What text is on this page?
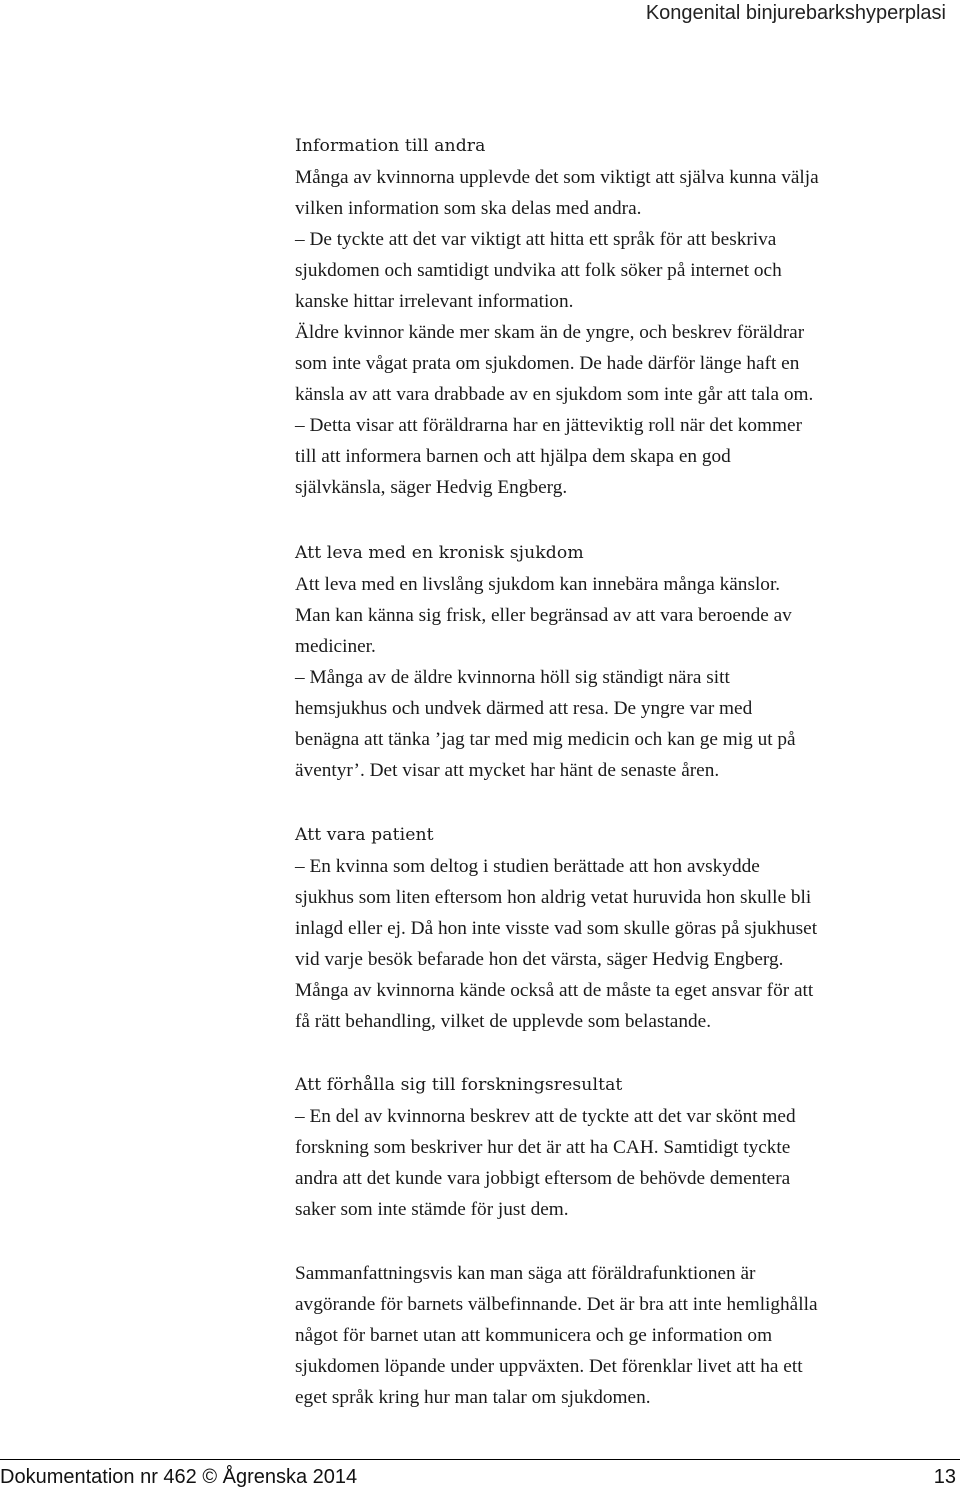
Kongenital binjurebarkshyperplasi
Information till andra
Många av kvinnorna upplevde det som viktigt att själva kunna välja
vilken information som ska delas med andra.
– De tyckte att det var viktigt att hitta ett språk för att beskriva
sjukdomen och samtidigt undvika att folk söker på internet och
kanske hittar irrelevant information.
Äldre kvinnor kände mer skam än de yngre, och beskrev föräldrar
som inte vågat prata om sjukdomen. De hade därför länge haft en
känsla av att vara drabbade av en sjukdom som inte går att tala om.
– Detta visar att föräldrarna har en jätteviktig roll när det kommer
till att informera barnen och att hjälpa dem skapa en god
självkänsla, säger Hedvig Engberg.
Att leva med en kronisk sjukdom
Att leva med en livslång sjukdom kan innebära många känslor.
Man kan känna sig frisk, eller begränsad av att vara beroende av
mediciner.
– Många av de äldre kvinnorna höll sig ständigt nära sitt
hemsjukhus och undvek därmed att resa. De yngre var med
benägna att tänka ’jag tar med mig medicin och kan ge mig ut på
äventyr’. Det visar att mycket har hänt de senaste åren.
Att vara patient
– En kvinna som deltog i studien berättade att hon avskydde
sjukhus som liten eftersom hon aldrig vetat huruvida hon skulle bli
inlagd eller ej. Då hon inte visste vad som skulle göras på sjukhuset
vid varje besök befarade hon det värsta, säger Hedvig Engberg.
Många av kvinnorna kände också att de måste ta eget ansvar för att
få rätt behandling, vilket de upplevde som belastande.
Att förhålla sig till forskningsresultat
– En del av kvinnorna beskrev att de tyckte att det var skönt med
forskning som beskriver hur det är att ha CAH. Samtidigt tyckte
andra att det kunde vara jobbigt eftersom de behövde dementera
saker som inte stämde för just dem.
Sammanfattningsvis kan man säga att föräldrafunktionen är
avgörande för barnets välbefinnande. Det är bra att inte hemlighålla
något för barnet utan att kommunicera och ge information om
sjukdomen löpande under uppväxten. Det förenklar livet att ha ett
eget språk kring hur man talar om sjukdomen.
Dokumentation nr 462 © Ågrenska 2014	13
